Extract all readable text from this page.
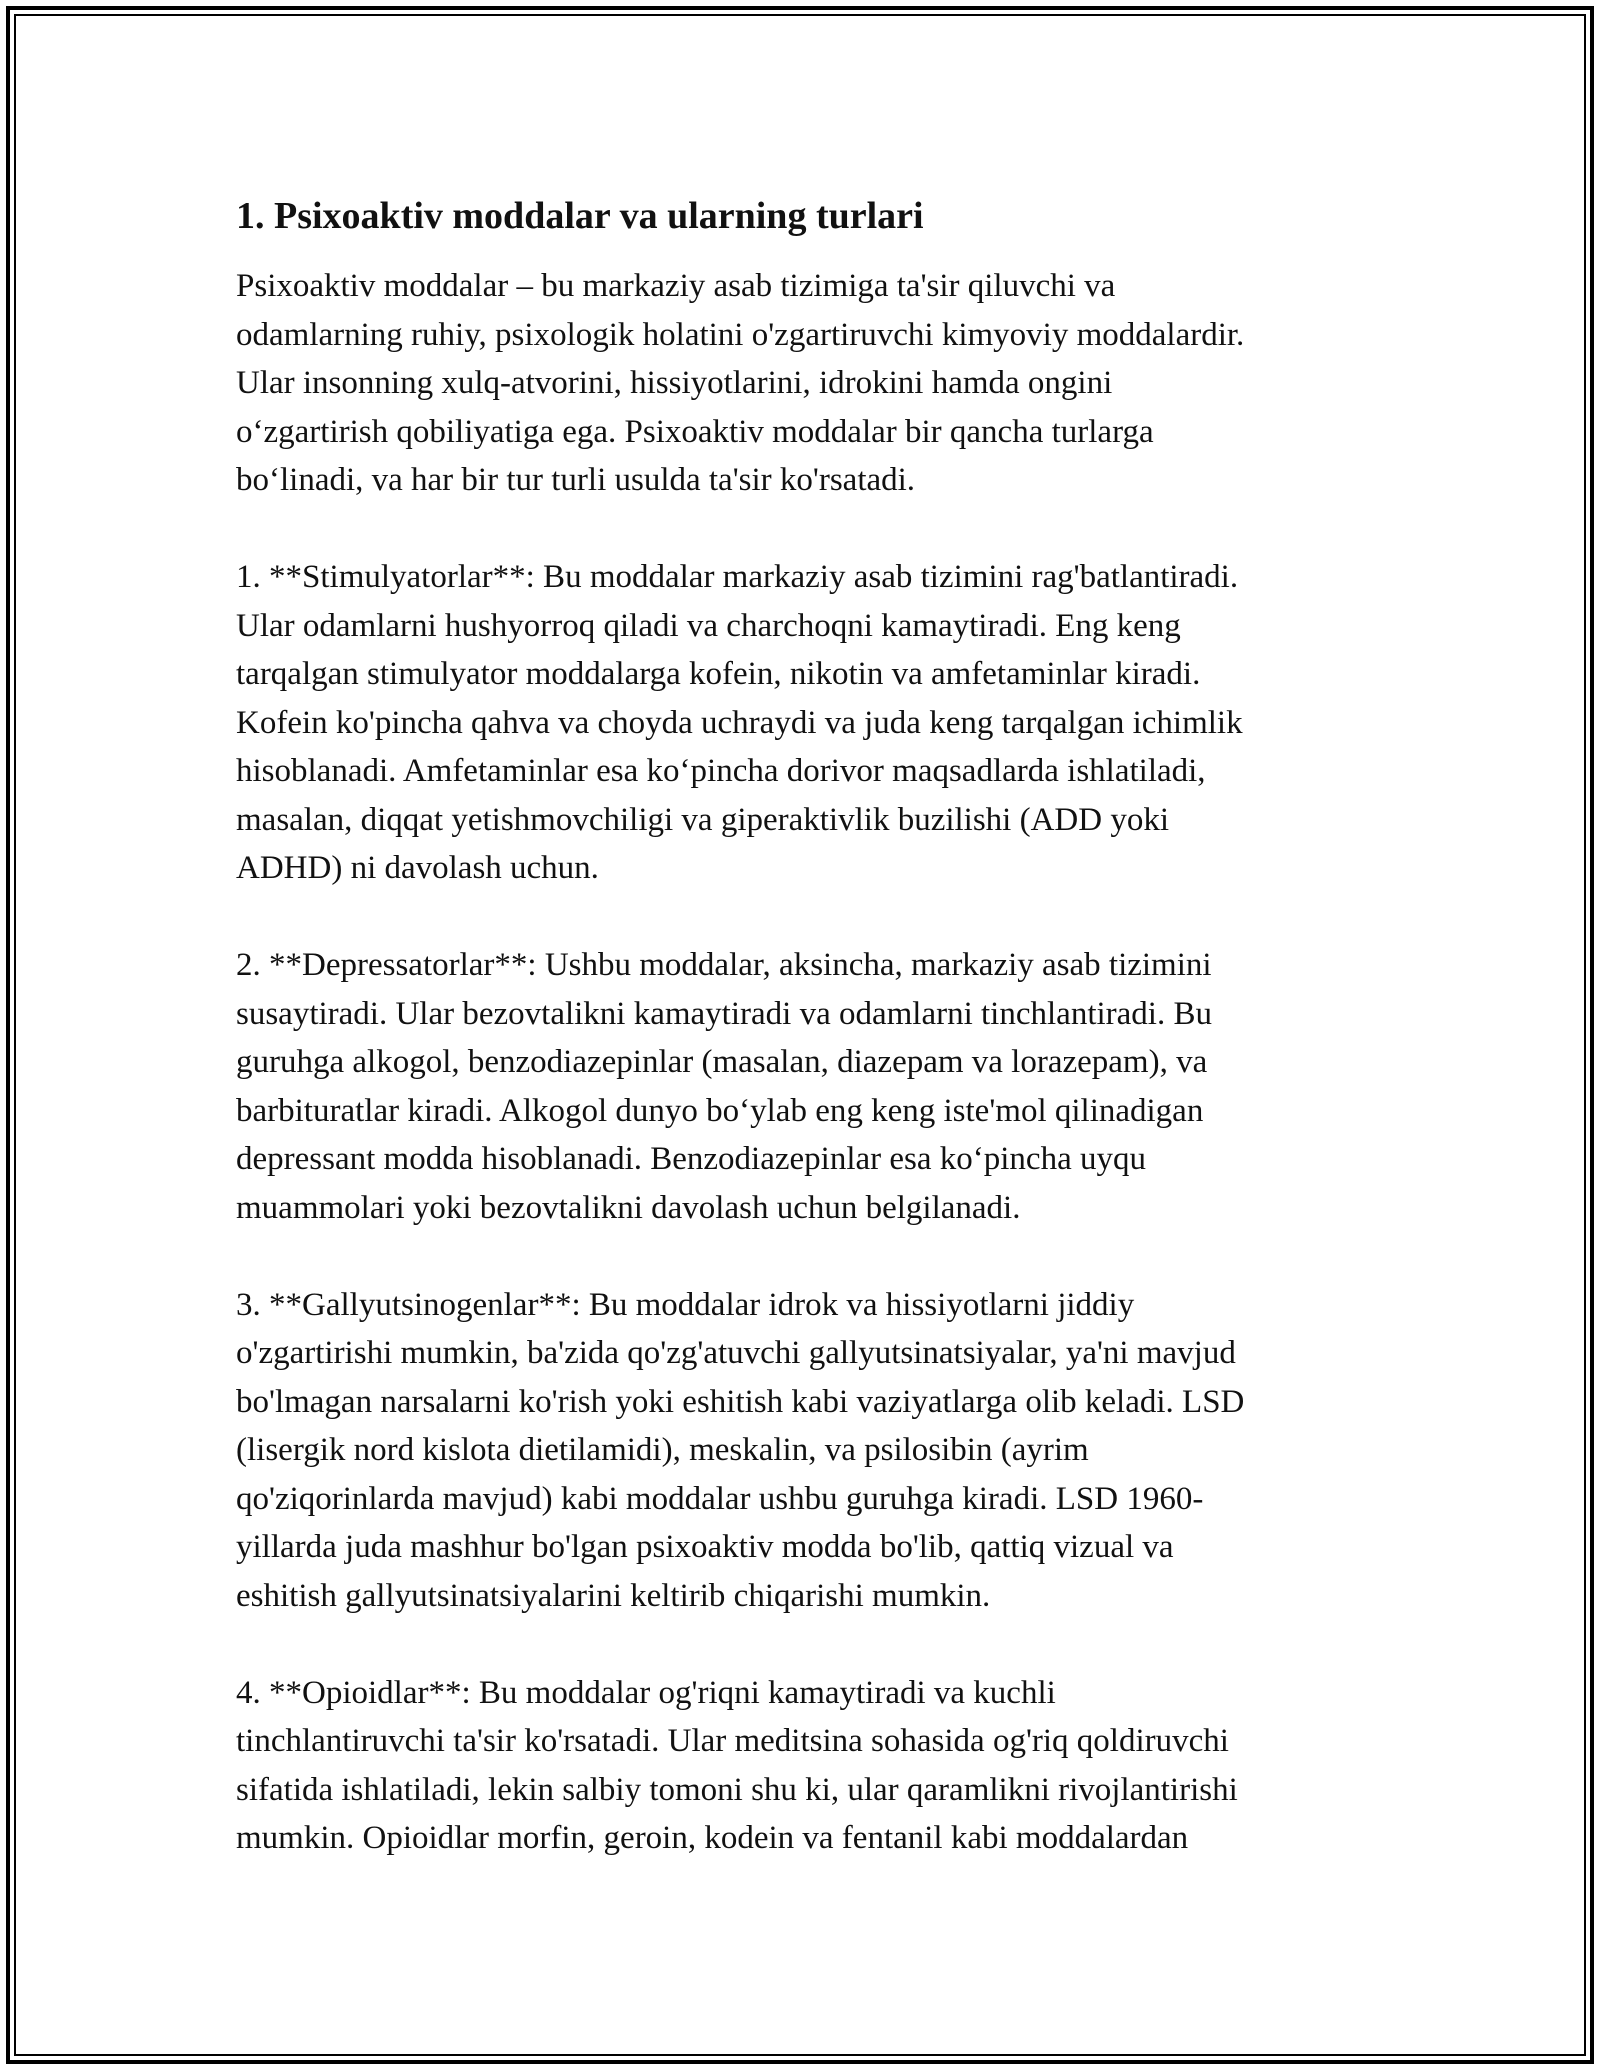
1. Psixoaktiv moddalar va ularning turlari
Psixoaktiv moddalar – bu markaziy asab tizimiga ta'sir qiluvchi va
odamlarning ruhiy, psixologik holatini o'zgartiruvchi kimyoviy moddalardir.
Ular insonning xulq-atvorini, hissiyotlarini, idrokini hamda ongini
o‘zgartirish qobiliyatiga ega. Psixoaktiv moddalar bir qancha turlarga
bo‘linadi, va har bir tur turli usulda ta'sir ko'rsatadi.
1. **Stimulyatorlar**: Bu moddalar markaziy asab tizimini rag'batlantiradi.
Ular odamlarni hushyorroq qiladi va charchoqni kamaytiradi. Eng keng
tarqalgan stimulyator moddalarga kofein, nikotin va amfetaminlar kiradi.
Kofein ko'pincha qahva va choyda uchraydi va juda keng tarqalgan ichimlik
hisoblanadi. Amfetaminlar esa ko‘pincha dorivor maqsadlarda ishlatiladi,
masalan, diqqat yetishmovchiligi va giperaktivlik buzilishi (ADD yoki
ADHD) ni davolash uchun.
2. **Depressatorlar**: Ushbu moddalar, aksincha, markaziy asab tizimini
susaytiradi. Ular bezovtalikni kamaytiradi va odamlarni tinchlantiradi. Bu
guruhga alkogol, benzodiazepinlar (masalan, diazepam va lorazepam), va
barbituratlar kiradi. Alkogol dunyo bo‘ylab eng keng iste'mol qilinadigan
depressant modda hisoblanadi. Benzodiazepinlar esa ko‘pincha uyqu
muammolari yoki bezovtalikni davolash uchun belgilanadi.
3. **Gallyutsinogenlar**: Bu moddalar idrok va hissiyotlarni jiddiy
o'zgartirishi mumkin, ba'zida qo'zg'atuvchi gallyutsinatsiyalar, ya'ni mavjud
bo'lmagan narsalarni ko'rish yoki eshitish kabi vaziyatlarga olib keladi. LSD
(lisergik nord kislota dietilamidi), meskalin, va psilosibin (ayrim
qo'ziqorinlarda mavjud) kabi moddalar ushbu guruhga kiradi. LSD 1960-
yillarda juda mashhur bo'lgan psixoaktiv modda bo'lib, qattiq vizual va
eshitish gallyutsinatsiyalarini keltirib chiqarishi mumkin.
4. **Opioidlar**: Bu moddalar og'riqni kamaytiradi va kuchli
tinchlantiruvchi ta'sir ko'rsatadi. Ular meditsina sohasida og'riq qoldiruvchi
sifatida ishlatiladi, lekin salbiy tomoni shu ki, ular qaramlikni rivojlantirishi
mumkin. Opioidlar morfin, geroin, kodein va fentanil kabi moddalardan
